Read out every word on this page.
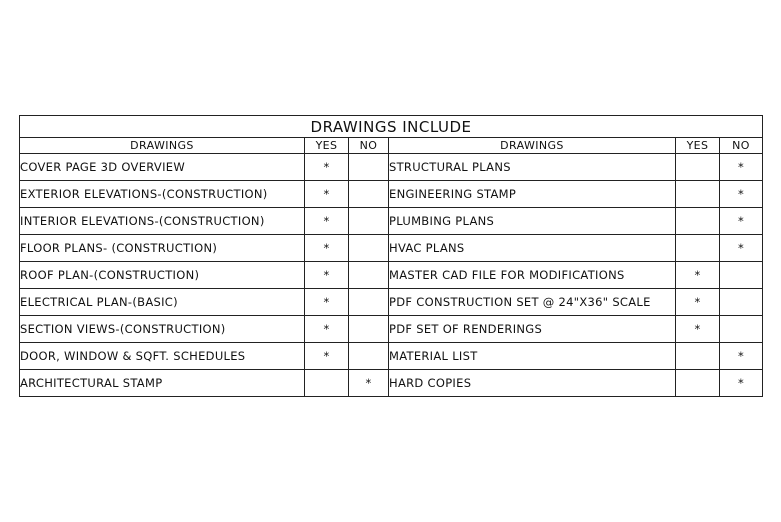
DRAWINGS INCLUDE					
DRAWINGS	YES	NO	DRAWINGS	YES	NO
COVER PAGE 3D OVERVIEW	*		STRUCTURAL PLANS		*
EXTERIOR ELEVATIONS-(CONSTRUCTION)	*		ENGINEERING STAMP		*
INTERIOR ELEVATIONS-(CONSTRUCTION)	*		PLUMBING PLANS		*
FLOOR PLANS- (CONSTRUCTION)	*		HVAC PLANS		*
ROOF PLAN-(CONSTRUCTION)	*		MASTER CAD FILE FOR MODIFICATIONS	*	
ELECTRICAL PLAN-(BASIC)	*		PDF CONSTRUCTION SET @ 24"X36" SCALE	*	
SECTION VIEWS-(CONSTRUCTION)	*		PDF SET OF RENDERINGS	*	
DOOR, WINDOW & SQFT. SCHEDULES	*		MATERIAL LIST		*
ARCHITECTURAL STAMP		*	HARD COPIES		*
